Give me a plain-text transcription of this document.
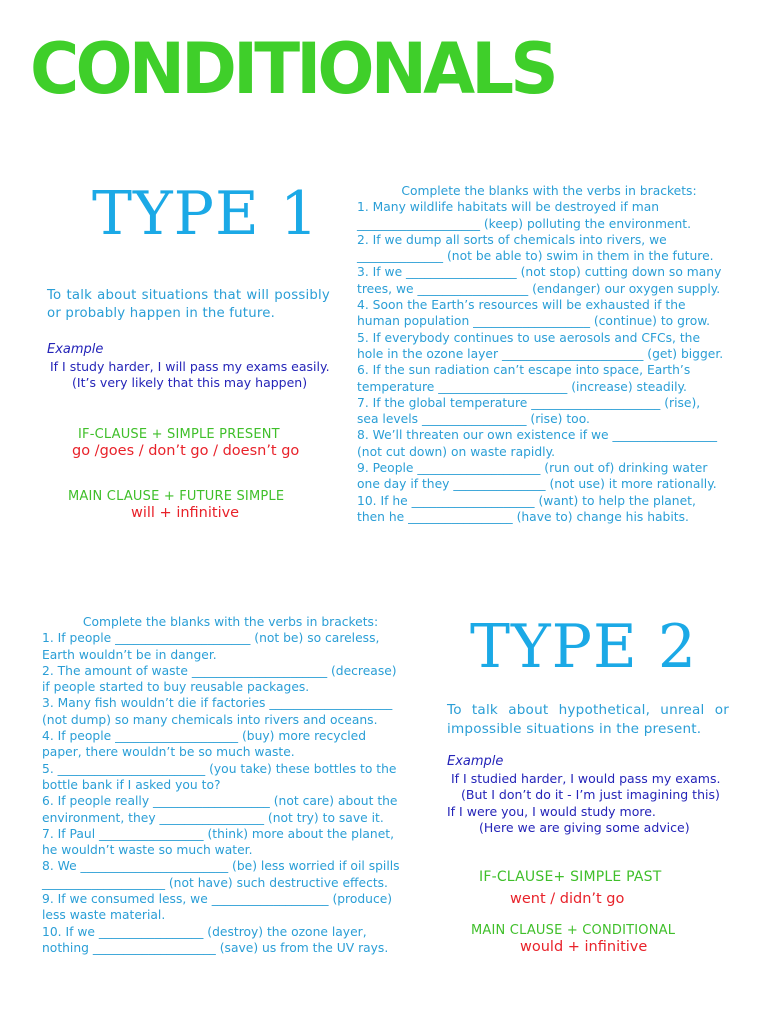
CONDITIONALS
TYPE 1
To talk about situations that will possibly or probably happen in the future.
Example
If I study harder, I will pass my exams easily.
(It’s very likely that this may happen)
IF-CLAUSE + SIMPLE PRESENT
go /goes / don’t go / doesn’t go
MAIN CLAUSE + FUTURE SIMPLE
will + infinitive
Complete the blanks with the verbs in brackets:
1. Many wildlife habitats will be destroyed if man
____________________ (keep) polluting the environment.
2. If we dump all sorts of chemicals into rivers, we
______________ (not be able to) swim in them in the future.
3. If we __________________ (not stop) cutting down so many
trees, we __________________ (endanger) our oxygen supply.
4. Soon the Earth’s resources will be exhausted if the
human population ___________________ (continue) to grow.
5. If everybody continues to use aerosols and CFCs, the
hole in the ozone layer _______________________ (get) bigger.
6. If the sun radiation can’t escape into space, Earth’s
temperature _____________________ (increase) steadily.
7. If the global temperature _____________________ (rise),
sea levels _________________ (rise) too.
8. We’ll threaten our own existence if we _________________
(not cut down) on waste rapidly.
9. People ____________________ (run out of) drinking water
one day if they _______________ (not use) it more rationally.
10. If he ____________________ (want) to help the planet,
then he _________________ (have to) change his habits.
Complete the blanks with the verbs in brackets:
1. If people ______________________ (not be) so careless,
Earth wouldn’t be in danger.
2. The amount of waste ______________________ (decrease)
if people started to buy reusable packages.
3. Many fish wouldn’t die if factories ____________________
(not dump) so many chemicals into rivers and oceans.
4. If people ____________________ (buy) more recycled
paper, there wouldn’t be so much waste.
5. ________________________ (you take) these bottles to the
bottle bank if I asked you to?
6. If people really ___________________ (not care) about the
environment, they _________________ (not try) to save it.
7. If Paul _________________ (think) more about the planet,
he wouldn’t waste so much water.
8. We ________________________ (be) less worried if oil spills
____________________ (not have) such destructive effects.
9. If we consumed less, we ___________________ (produce)
less waste material.
10. If we _________________ (destroy) the ozone layer,
nothing ____________________ (save) us from the UV rays.
TYPE 2
To talk about hypothetical, unreal or impossible situations in the present.
Example
If I studied harder, I would pass my exams.
(But I don’t do it - I’m just imagining this)
If I were you, I would study more.
(Here we are giving some advice)
IF-CLAUSE+ SIMPLE PAST
went / didn’t go
MAIN CLAUSE + CONDITIONAL
would + infinitive
